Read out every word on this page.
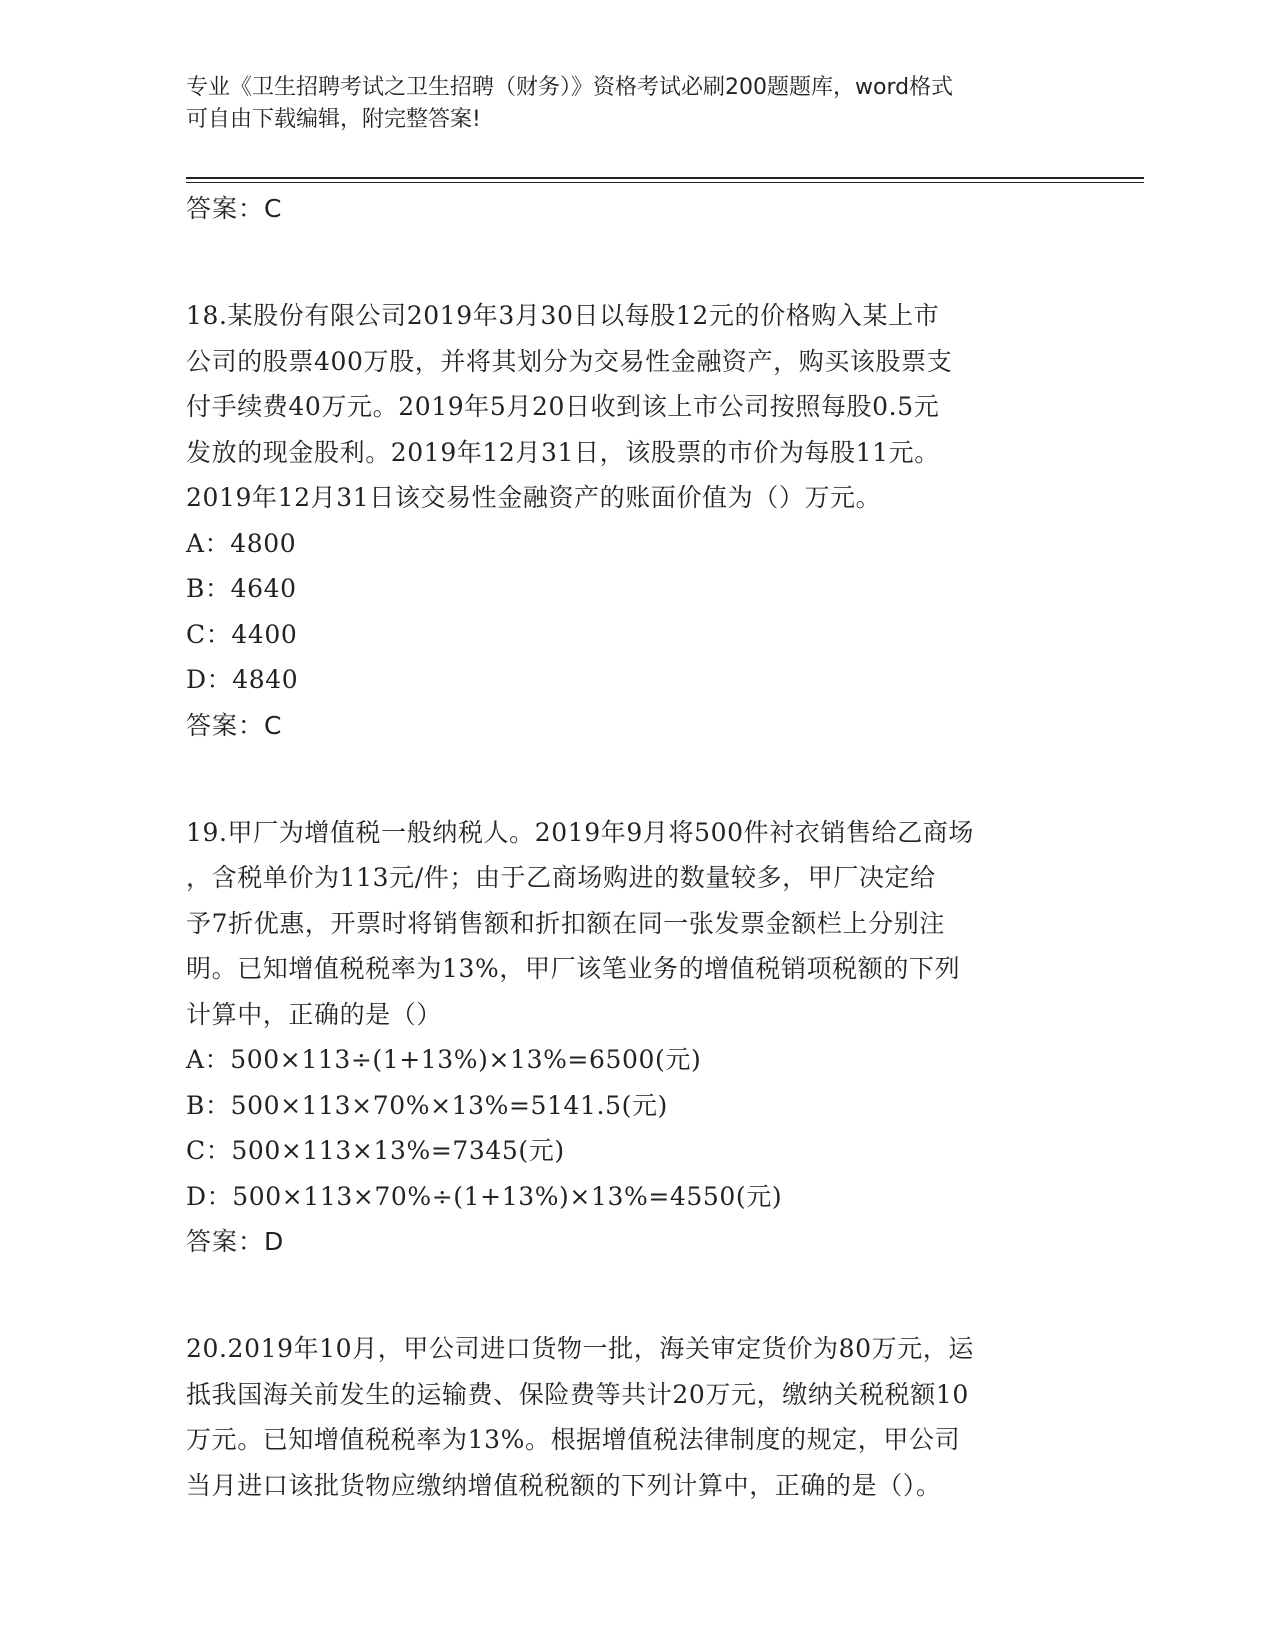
专业《卫生招聘考试之卫生招聘（财务）》资格考试必刷200题题库，word格式
可自由下载编辑，附完整答案!

答案：C

18.某股份有限公司2019年3月30日以每股12元的价格购入某上市
公司的股票400万股，并将其划分为交易性金融资产，购买该股票支
付手续费40万元。2019年5月20日收到该上市公司按照每股0.5元
发放的现金股利。2019年12月31日，该股票的市价为每股11元。
2019年12月31日该交易性金融资产的账面价值为（）万元。

A：4800

B：4640

C：4400

D：4840

答案：C

19.甲厂为增值税一般纳税人。2019年9月将500件衬衣销售给乙商场
，含税单价为113元/件；由于乙商场购进的数量较多，甲厂决定给
予7折优惠，开票时将销售额和折扣额在同一张发票金额栏上分别注
明。已知增值税税率为13%，甲厂该笔业务的增值税销项税额的下列
计算中，正确的是（）

A：500×113÷(1+13%)×13%=6500(元)

B：500×113×70%×13%=5141.5(元)

C：500×113×13%=7345(元)

D：500×113×70%÷(1+13%)×13%=4550(元)

答案：D

20.2019年10月，甲公司进口货物一批，海关审定货价为80万元，运
抵我国海关前发生的运输费、保险费等共计20万元，缴纳关税税额10
万元。已知增值税税率为13%。根据增值税法律制度的规定，甲公司
当月进口该批货物应缴纳增值税税额的下列计算中，正确的是（）。
